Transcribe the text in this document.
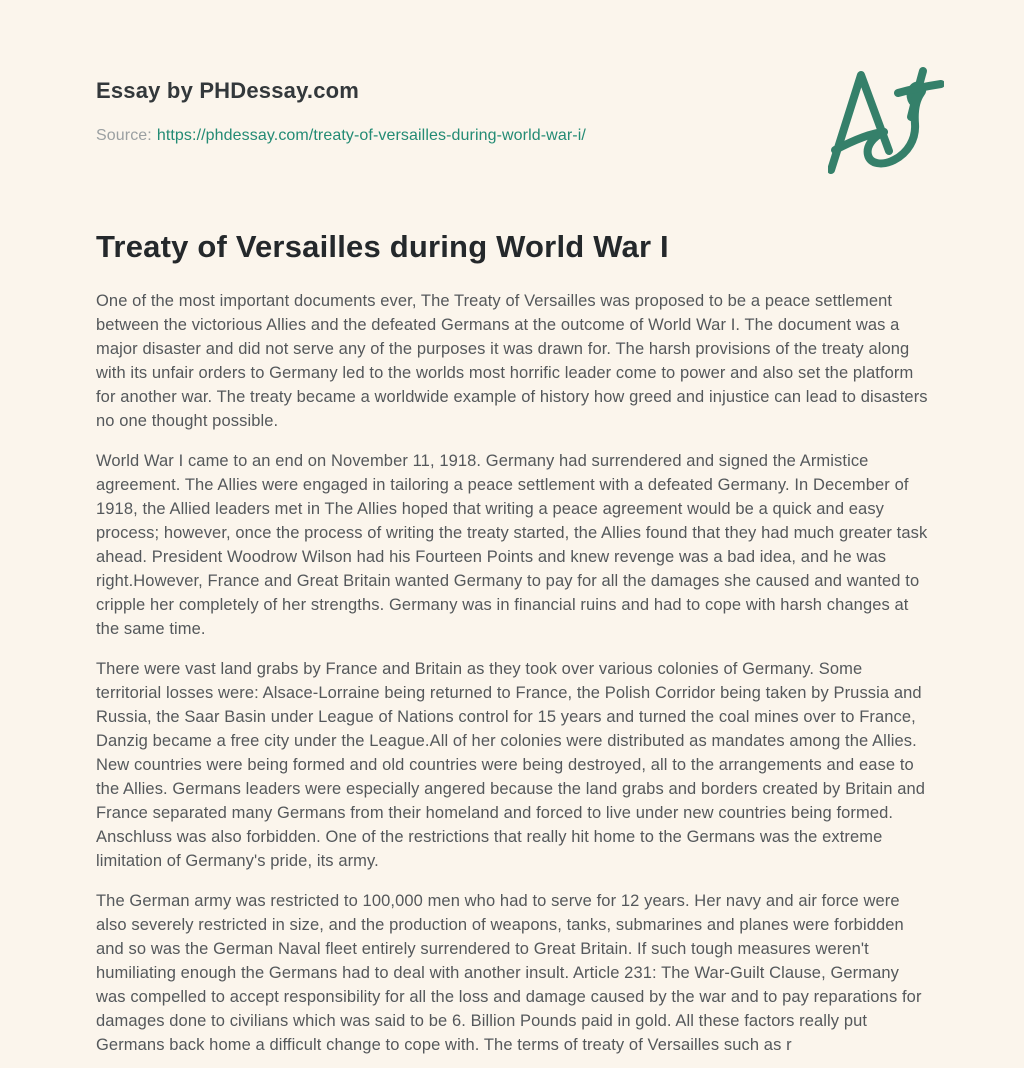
Essay by PHDessay.com
Source: https://phdessay.com/treaty-of-versailles-during-world-war-i/
Treaty of Versailles during World War I

One of the most important documents ever, The Treaty of Versailles was proposed to be a peace settlement between the victorious Allies and the defeated Germans at the outcome of World War I. The document was a major disaster and did not serve any of the purposes it was drawn for. The harsh provisions of the treaty along with its unfair orders to Germany led to the worlds most horrific leader come to power and also set the platform for another war. The treaty became a worldwide example of history how greed and injustice can lead to disasters no one thought possible.

World War I came to an end on November 11, 1918. Germany had surrendered and signed the Armistice agreement. The Allies were engaged in tailoring a peace settlement with a defeated Germany. In December of 1918, the Allied leaders met in The Allies hoped that writing a peace agreement would be a quick and easy process; however, once the process of writing the treaty started, the Allies found that they had much greater task ahead. President Woodrow Wilson had his Fourteen Points and knew revenge was a bad idea, and he was right.However, France and Great Britain wanted Germany to pay for all the damages she caused and wanted to cripple her completely of her strengths. Germany was in financial ruins and had to cope with harsh changes at the same time.

There were vast land grabs by France and Britain as they took over various colonies of Germany. Some territorial losses were: Alsace-Lorraine being returned to France, the Polish Corridor being taken by Prussia and Russia, the Saar Basin under League of Nations control for 15 years and turned the coal mines over to France, Danzig became a free city under the League.All of her colonies were distributed as mandates among the Allies. New countries were being formed and old countries were being destroyed, all to the arrangements and ease to the Allies. Germans leaders were especially angered because the land grabs and borders created by Britain and France separated many Germans from their homeland and forced to live under new countries being formed. Anschluss was also forbidden. One of the restrictions that really hit home to the Germans was the extreme limitation of Germany's pride, its army.

The German army was restricted to 100,000 men who had to serve for 12 years. Her navy and air force were also severely restricted in size, and the production of weapons, tanks, submarines and planes were forbidden and so was the German Naval fleet entirely surrendered to Great Britain. If such tough measures weren't humiliating enough the Germans had to deal with another insult. Article 231: The War-Guilt Clause, Germany was compelled to accept responsibility for all the loss and damage caused by the war and to pay reparations for damages done to civilians which was said to be 6. Billion Pounds paid in gold. All these factors really put Germans back home a difficult change to cope with. The terms of treaty of Versailles such as r
